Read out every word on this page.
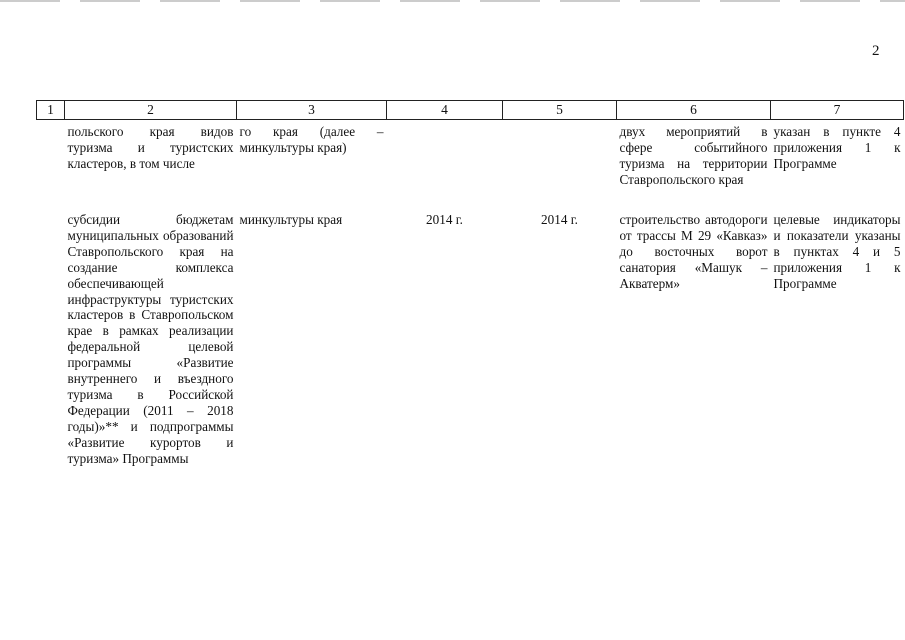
2
1	2	3	4	5	6	7
	польского края видов туризма и туристских кластеров, в том числе	го края (далее – минкультуры края)			двух мероприятий в сфере событийного туризма на территории Ставропольского края	указан в пункте 4 приложения 1 к Программе
	субсидии бюджетам муниципальных образований Ставропольского края на создание комплекса обеспечивающей инфраструктуры туристских кластеров в Ставропольском крае в рамках реализации федеральной целевой программы «Развитие внутреннего и въездного туризма в Российской Федерации (2011 – 2018 годы)»** и подпрограммы «Развитие курортов и туризма» Программы	минкультуры края	2014 г.	2014 г.	строительство автодороги от трассы М 29 «Кавказ» до восточных ворот санатория «Машук – Акватерм»	целевые индикаторы и показатели указаны в пунктах 4 и 5 приложения 1 к Программе
